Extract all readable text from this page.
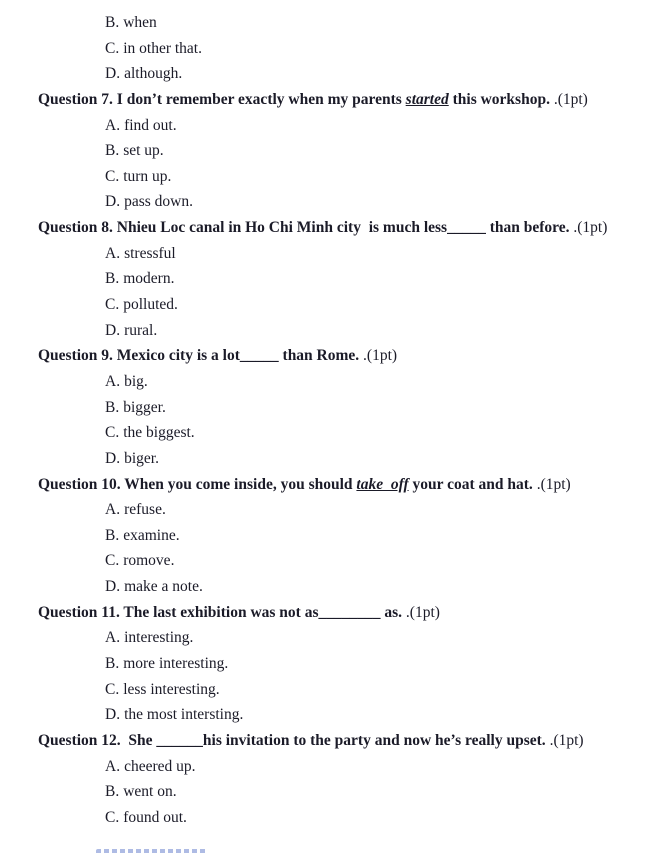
B. when
C. in other that.
D. although.
Question 7. I don’t remember exactly when my parents started this workshop. .(1pt)
A. find out.
B. set up.
C. turn up.
D. pass down.
Question 8. Nhieu Loc canal in Ho Chi Minh city  is much less_____ than before. .(1pt)
A. stressful
B. modern.
C. polluted.
D. rural.
Question 9. Mexico city is a lot_____ than Rome. .(1pt)
A. big.
B. bigger.
C. the biggest.
D. biger.
Question 10. When you come inside, you should take  off your coat and hat. .(1pt)
A. refuse.
B. examine.
C. romove.
D. make a note.
Question 11. The last exhibition was not as________ as. .(1pt)
A. interesting.
B. more interesting.
C. less interesting.
D. the most intersting.
Question 12.  She ______his invitation to the party and now he’s really upset. .(1pt)
A. cheered up.
B. went on.
C. found out.
